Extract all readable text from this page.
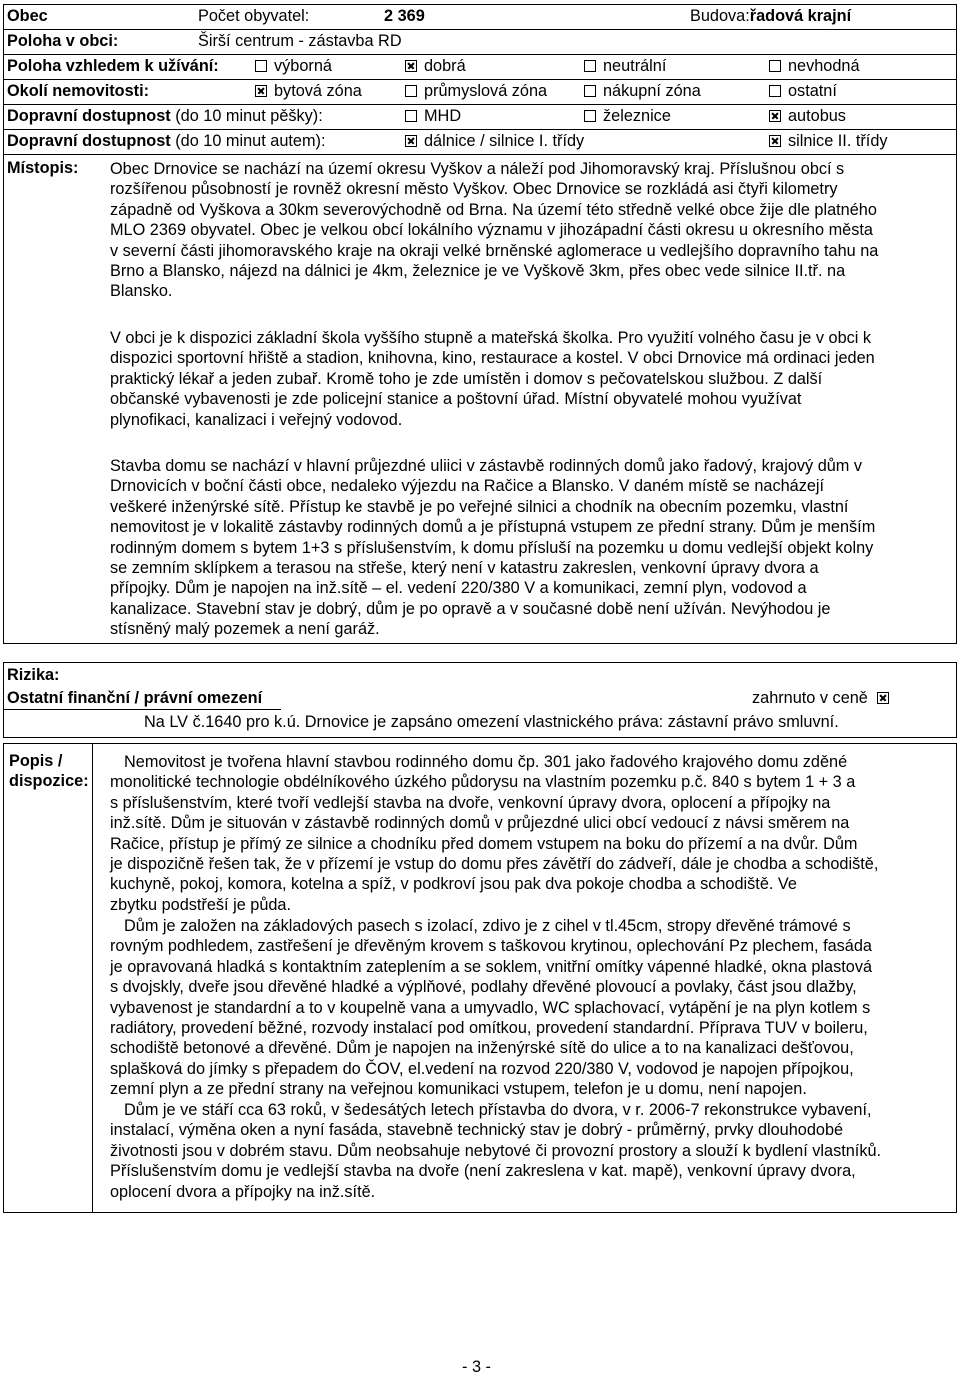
Obec	Počet obyvatel:	2 369	Budova:řadová krajní
Poloha v obci:	Širší centrum - zástavba RD
Poloha vzhledem k užívání:	výborná	dobrá	neutrální	nevhodná
Okolí nemovitosti:	bytová zóna	průmyslová zóna	nákupní zóna	ostatní
Dopravní dostupnost (do 10 minut pěšky):	MHD	železnice	autobus
Dopravní dostupnost (do 10 minut autem):	dálnice / silnice I. třídy	silnice II. třídy
Místopis: Obec Drnovice se nachází na území okresu Vyškov a náleží pod Jihomoravský kraj. Příslušnou obcí s

rozšířenou působností je rovněž okresní město Vyškov. Obec Drnovice se rozkládá asi čtyři kilometry

západně od Vyškova a 30km severovýchodně od Brna. Na území této středně velké obce žije dle platného

MLO 2369 obyvatel. Obec je velkou obcí lokálního významu v jihozápadní části okresu u okresního města

v severní části jihomoravského kraje na okraji velké brněnské aglomerace u vedlejšího dopravního tahu na

Brno a Blansko, nájezd na dálnici je 4km, železnice je ve Vyškově 3km, přes obec vede silnice II.tř. na

Blansko.

V obci je k dispozici základní škola vyššího stupně a mateřská školka. Pro využití volného času je v obci k

dispozici sportovní hřiště a stadion, knihovna, kino, restaurace a kostel. V obci Drnovice má ordinaci jeden

praktický lékař a jeden zubař. Kromě toho je zde umístěn i domov s pečovatelskou službou. Z další

občanské vybavenosti je zde policejní stanice a poštovní úřad. Místní obyvatelé mohou využívat

plynofikaci, kanalizaci i veřejný vodovod.

Stavba domu se nachází v hlavní průjezdné uliici v zástavbě rodinných domů jako řadový, krajový dům v

Drnovicích v boční části obce, nedaleko výjezdu na Račice a Blansko. V daném místě se nacházejí

veškeré inženýrské sítě. Přístup ke stavbě je po veřejné silnici a chodník na obecním pozemku, vlastní

nemovitost je v lokalitě zástavby rodinných domů a je přístupná vstupem ze přední strany. Dům je menším

rodinným domem s bytem 1+3 s příslušenstvím, k domu přísluší na pozemku u domu vedlejší objekt kolny

se zemním sklípkem a terasou na střeše, který není v katastru zakreslen, venkovní úpravy dvora a

přípojky. Dům je napojen na inž.sítě – el. vedení 220/380 V a komunikaci, zemní plyn, vodovod a

kanalizace. Stavební stav je dobrý, dům je po opravě a v současné době není užíván. Nevýhodou je

stísněný malý pozemek a není garáž.

Rizika:
Ostatní finanční / právní omezení	zahrnuto v ceně
Na LV č.1640 pro k.ú. Drnovice je zapsáno omezení vlastnického práva: zástavní právo smluvní.
Popis /
dispozice:

Nemovitost je tvořena hlavní stavbou rodinného domu čp. 301 jako řadového krajového domu zděné

monolitické technologie obdélníkového úzkého půdorysu na vlastním pozemku p.č. 840 s bytem 1 + 3 a

s příslušenstvím, které tvoří vedlejší stavba na dvoře, venkovní úpravy dvora, oplocení a přípojky na

inž.sítě. Dům je situován v zástavbě rodinných domů v průjezdné ulici obcí vedoucí z návsi směrem na

Račice, přístup je přímý ze silnice a chodníku před domem vstupem na boku do přízemí a na dvůr. Dům

je dispozičně řešen tak, že v přízemí je vstup do domu přes závětří do zádveří, dále je chodba a schodiště,

kuchyně, pokoj, komora, kotelna a spíž, v podkroví jsou pak dva pokoje chodba a schodiště. Ve

zbytku podstřeší je půda.

Dům je založen na základových pasech s izolací, zdivo je z cihel v tl.45cm, stropy dřevěné trámové s

rovným podhledem, zastřešení je dřevěným krovem s taškovou krytinou, oplechování Pz plechem, fasáda

je opravovaná hladká s kontaktním zateplením a se soklem, vnitřní omítky vápenné hladké, okna plastová

s dvojskly, dveře jsou dřevěné hladké a výplňové, podlahy dřevěné plovoucí a povlaky, část jsou dlažby,

vybavenost je standardní a to v koupelně vana a umyvadlo, WC splachovací, vytápění je na plyn kotlem s

radiátory, provedení běžné, rozvody instalací pod omítkou, provedení standardní. Příprava TUV v boileru,

schodiště betonové a dřevěné. Dům je napojen na inženýrské sítě do ulice a to na kanalizaci dešťovou,

splašková do jímky s přepadem do ČOV, el.vedení na rozvod 220/380 V, vodovod je napojen přípojkou,

zemní plyn a ze přední strany na veřejnou komunikaci vstupem, telefon je u domu, není napojen.

Dům je ve stáří cca 63 roků, v šedesátých letech přístavba do dvora, v r. 2006-7 rekonstrukce vybavení,

instalací, výměna oken a nyní fasáda, stavebně technický stav je dobrý - průměrný, prvky dlouhodobé

životnosti jsou v dobrém stavu. Dům neobsahuje nebytové či provozní prostory a slouží k bydlení vlastníků.

Příslušenstvím domu je vedlejší stavba na dvoře (není zakreslena v kat. mapě), venkovní úpravy dvora,

oplocení dvora a přípojky na inž.sítě.

- 3 -
